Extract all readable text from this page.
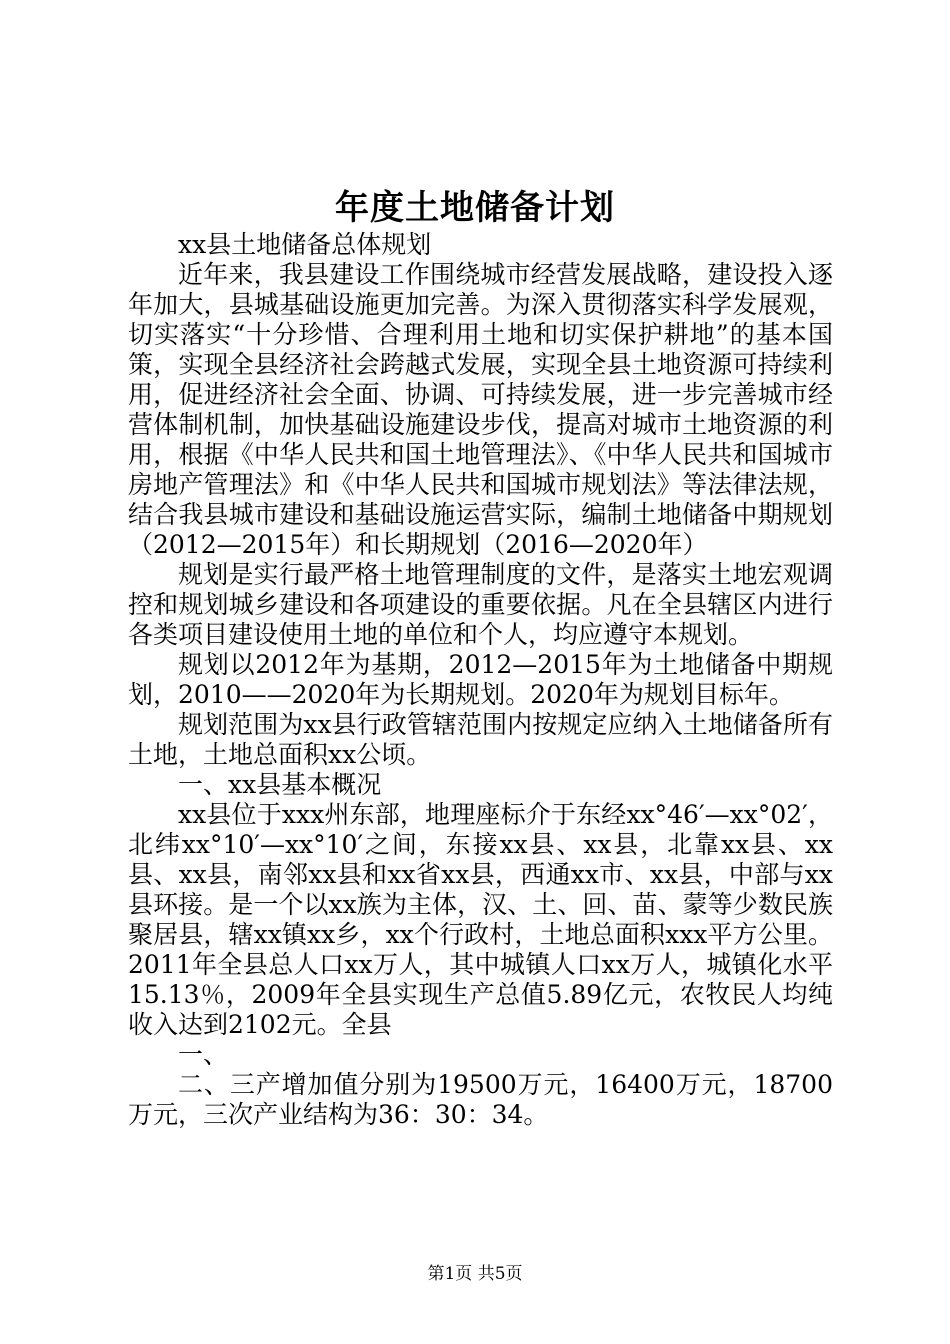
年度土地储备计划

xx县土地储备总体规划

近年来，我县建设工作围绕城市经营发展战略，建设投入逐年加大，县城基础设施更加完善。为深入贯彻落实科学发展观，切实落实“十分珍惜、合理利用土地和切实保护耕地”的基本国策，实现全县经济社会跨越式发展，实现全县土地资源可持续利用，促进经济社会全面、协调、可持续发展，进一步完善城市经营体制机制，加快基础设施建设步伐，提高对城市土地资源的利用，根据《中华人民共和国土地管理法》、《中华人民共和国城市房地产管理法》和《中华人民共和国城市规划法》等法律法规，结合我县城市建设和基础设施运营实际，编制土地储备中期规划（2012—2015年）和长期规划（2016—2020年）

规划是实行最严格土地管理制度的文件，是落实土地宏观调控和规划城乡建设和各项建设的重要依据。凡在全县辖区内进行各类项目建设使用土地的单位和个人，均应遵守本规划。

规划以2012年为基期，2012—2015年为土地储备中期规划，2010——2020年为长期规划。2020年为规划目标年。

规划范围为xx县行政管辖范围内按规定应纳入土地储备所有土地，土地总面积xx公顷。

一、xx县基本概况

xx县位于xxx州东部，地理座标介于东经xx°46′—xx°02′，北纬xx°10′—xx°10′之间，东接xx县、xx县，北靠xx县、xx县、xx县，南邻xx县和xx省xx县，西通xx市、xx县，中部与xx县环接。是一个以xx族为主体，汉、土、回、苗、蒙等少数民族聚居县，辖xx镇xx乡，xx个行政村，土地总面积xxx平方公里。2011年全县总人口xx万人，其中城镇人口xx万人，城镇化水平15.13％，2009年全县实现生产总值5.89亿元，农牧民人均纯收入达到2102元。全县

一、

二、三产增加值分别为19500万元，16400万元，18700万元，三次产业结构为36：30：34。

第1页 共5页
